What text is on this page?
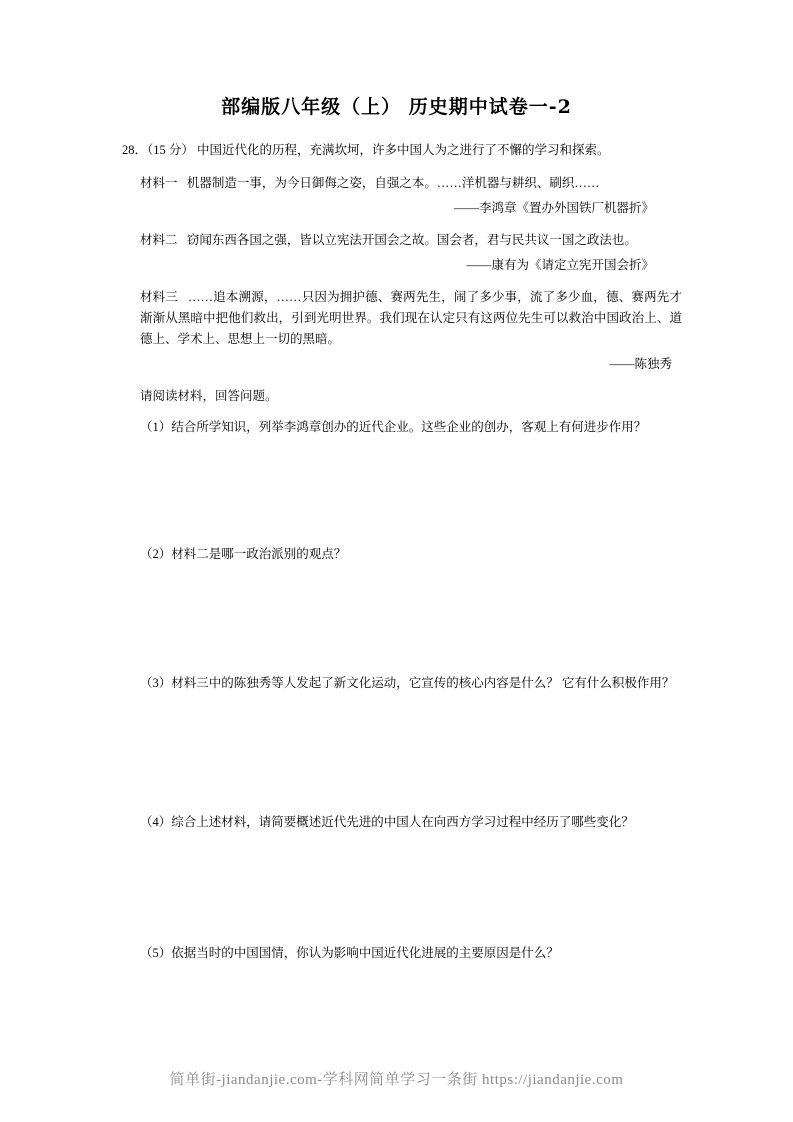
部编版八年级（上） 历史期中试卷一-2
28．（15 分） 中国近代化的历程，充满坎坷，许多中国人为之进行了不懈的学习和探索。
材料一 机器制造一事，为今日御侮之姿，自强之本。……洋机器与耕织、刷织……
——李鸿章《置办外国铁厂机器折》
材料二 窃闻东西各国之强，皆以立宪法开国会之故。国会者，君与民共议一国之政法也。
——康有为《请定立宪开国会折》
材料三 ……追本溯源，……只因为拥护德、赛两先生，闹了多少事，流了多少血，德、赛两先才渐渐从黑暗中把他们救出，引到光明世界。我们现在认定只有这两位先生可以救治中国政治上、道德上、学术上、思想上一切的黑暗。
——陈独秀
请阅读材料，回答问题。
（1）结合所学知识，列举李鸿章创办的近代企业。这些企业的创办，客观上有何进步作用？
（2）材料二是哪一政治派别的观点？
（3）材料三中的陈独秀等人发起了新文化运动，它宣传的核心内容是什么？ 它有什么积极作用？
（4）综合上述材料，请简要概述近代先进的中国人在向西方学习过程中经历了哪些变化？
（5）依据当时的中国国情，你认为影响中国近代化进展的主要原因是什么？
简单街-jiandanjie.com-学科网简单学习一条街 https://jiandanjie.com
